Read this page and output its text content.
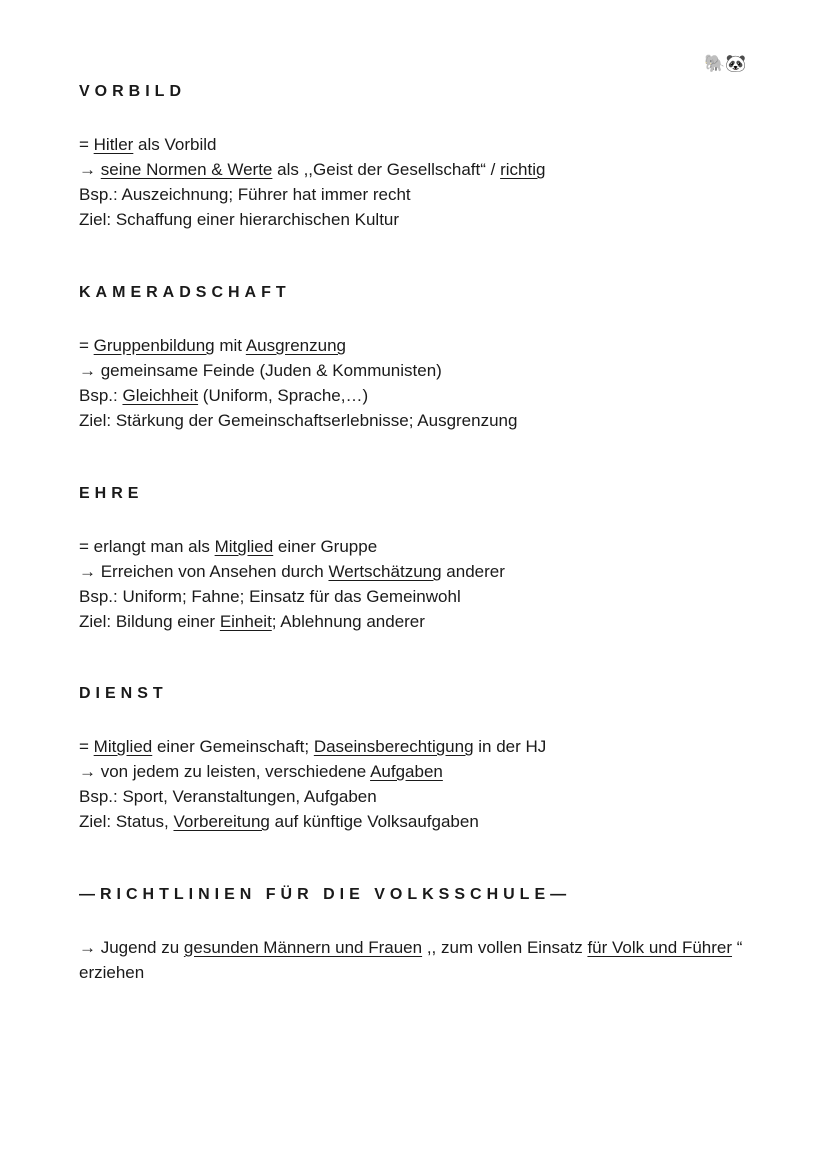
🐘🐼
VORBILD
= Hitler als Vorbild
→ seine Normen & Werte als ,,Geist der Gesellschaft“ / richtig
Bsp.: Auszeichnung; Führer hat immer recht
Ziel: Schaffung einer hierarchischen Kultur
KAMERADSCHAFT
= Gruppenbildung mit Ausgrenzung
→ gemeinsame Feinde (Juden & Kommunisten)
Bsp.: Gleichheit (Uniform, Sprache,…)
Ziel: Stärkung der Gemeinschaftserlebnisse; Ausgrenzung
EHRE
= erlangt man als Mitglied einer Gruppe
→ Erreichen von Ansehen durch Wertschätzung anderer
Bsp.: Uniform; Fahne; Einsatz für das Gemeinwohl
Ziel: Bildung einer Einheit; Ablehnung anderer
DIENST
= Mitglied einer Gemeinschaft; Daseinsberechtigung in der HJ
→ von jedem zu leisten, verschiedene Aufgaben
Bsp.: Sport, Veranstaltungen, Aufgaben
Ziel: Status, Vorbereitung auf künftige Volksaufgaben
—RICHTLINIEN FÜR DIE VOLKSSCHULE—
→ Jugend zu gesunden Männern und Frauen ,, zum vollen Einsatz für Volk und Führer “ erziehen
